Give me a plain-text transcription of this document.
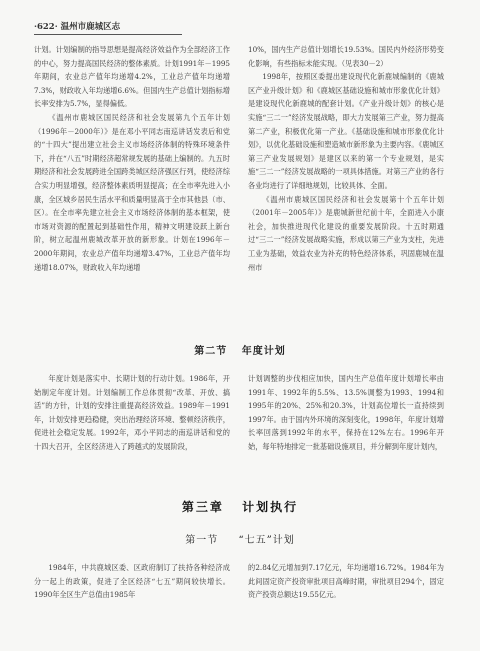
·622· 温州市鹿城区志

计划。计划编制的指导思想是提高经济效益作为全部经济工作的中心，努力提高国民经济的整体素质。计划1991年－1995年期间，农业总产值年均递增4.2%，工业总产值年均递增7.3%，财政收入年均递增6.6%。但国内生产总值计划指标增长率安排为5.7%，显得偏低。

《温州市鹿城区国民经济和社会发展第九个五年计划（1996年－2000年）》是在邓小平同志南巡讲话发表后和党的“十四大”提出建立社会主义市场经济体制的特殊环境条件下，并在“八五”时期经济超常规发展的基础上编制的。九五时期经济和社会发展跨进全国跨类城区经济强区行列，使经济综合实力明显增强，经济整体素质明显提高；在全市率先进入小康，全区城乡居民生活水平和质量明显高于全市其他县（市、区）。在全市率先建立社会主义市场经济体制的基本框架，使市场对资源的配置起到基础性作用，精神文明建设跃上新台阶，树立起温州鹿城改革开放的新形象。计划在1996年－2000年期间，农业总产值年均递增3.47%，工业总产值年均递增18.07%，财政收入年均递增

10%，国内生产总值计划增长19.53%。国民内外经济形势变化影响，有些指标未能实现。（见表30－2）

1998年，按照区委提出建设现代化新鹿城编制的《鹿城区产业升级计划》和《鹿城区基础设施和城市形象优化计划》是建设现代化新鹿城的配套计划。《产业升级计划》的核心是实施“三二一”经济发展战略，即大力发展第三产业，努力提高第二产业，积极优化第一产业。《基础设施和城市形象优化计划》，以优化基础设施和塑造城市新形象为主要内容。《鹿城区第三产业发展规划》是建区以来的第一个专业规划，是实施“三二一”经济发展战略的一项具体措施。对第三产业的各行各业均进行了详细地规划，比较具体、全面。

《温州市鹿城区国民经济和社会发展第十个五年计划（2001年－2005年）》是鹿城新世纪前十年，全面进入小康社会，加快推进现代化建设的重要发展阶段。十五时期通过“三二一”经济发展战略实施，形成以第三产业为支柱，先进工业为基础，效益农业为补充的特色经济体系，巩固鹿城在温州市

第二节 年度计划

年度计划是落实中、长期计划的行动计划。1986年，开始制定年度计划。计划编制工作总体贯彻“改革、开放、搞活”的方针，计划的安排注重提高经济效益。1989年－1991年，计划安排更趋稳健，突出治理经济环境、整顿经济秩序，促进社会稳定发展。1992年，邓小平同志的南巡讲话和党的十四大召开，全区经济进入了跨越式的发展阶段，

计划调整的步伐相应加快，国内生产总值年度计划增长率由1991年、1992年的5.5%、13.5%调整为1993、1994和1995年的20%、25%和20.3%，计划高位增长一直持续到1997年。由于国内外环境的深刻变化，1998年，年度计划增长率回落到1992年的水平，保持在12%左右。1996年开始，每年特地排定一批基础设施项目，并分解到年度计划内，

第三章 计划执行
第一节 “七五”计划

1984年，中共鹿城区委、区政府制订了扶持各种经济成分一起上的政策，促进了全区经济“七五”期间较快增长。1990年全区生产总值由1985年

的2.84亿元增加到7.17亿元，年均递增16.72%。1984年为此间固定资产投资审批项目高峰时期，审批项目294个，固定资产投资总额达19.55亿元。
